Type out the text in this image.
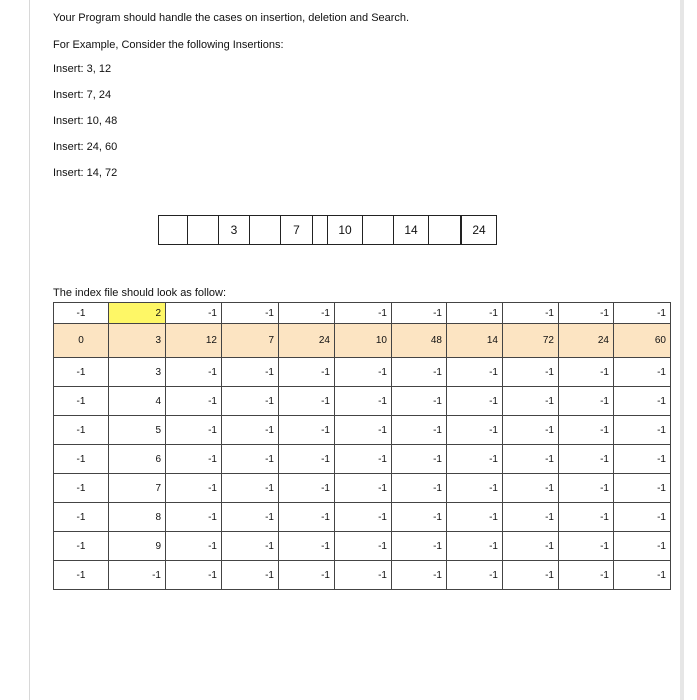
Your Program should handle the cases on insertion, deletion and Search.
For Example, Consider the following Insertions:
Insert: 3, 12
Insert: 7, 24
Insert: 10, 48
Insert: 24, 60
Insert: 14, 72
3	7	10	14	24
The index file should look as follow:
-1	2	-1	-1	-1	-1	-1	-1	-1	-1	-1
0	3	12	7	24	10	48	14	72	24	60
-1	3	-1	-1	-1	-1	-1	-1	-1	-1	-1
-1	4	-1	-1	-1	-1	-1	-1	-1	-1	-1
-1	5	-1	-1	-1	-1	-1	-1	-1	-1	-1
-1	6	-1	-1	-1	-1	-1	-1	-1	-1	-1
-1	7	-1	-1	-1	-1	-1	-1	-1	-1	-1
-1	8	-1	-1	-1	-1	-1	-1	-1	-1	-1
-1	9	-1	-1	-1	-1	-1	-1	-1	-1	-1
-1	-1	-1	-1	-1	-1	-1	-1	-1	-1	-1
